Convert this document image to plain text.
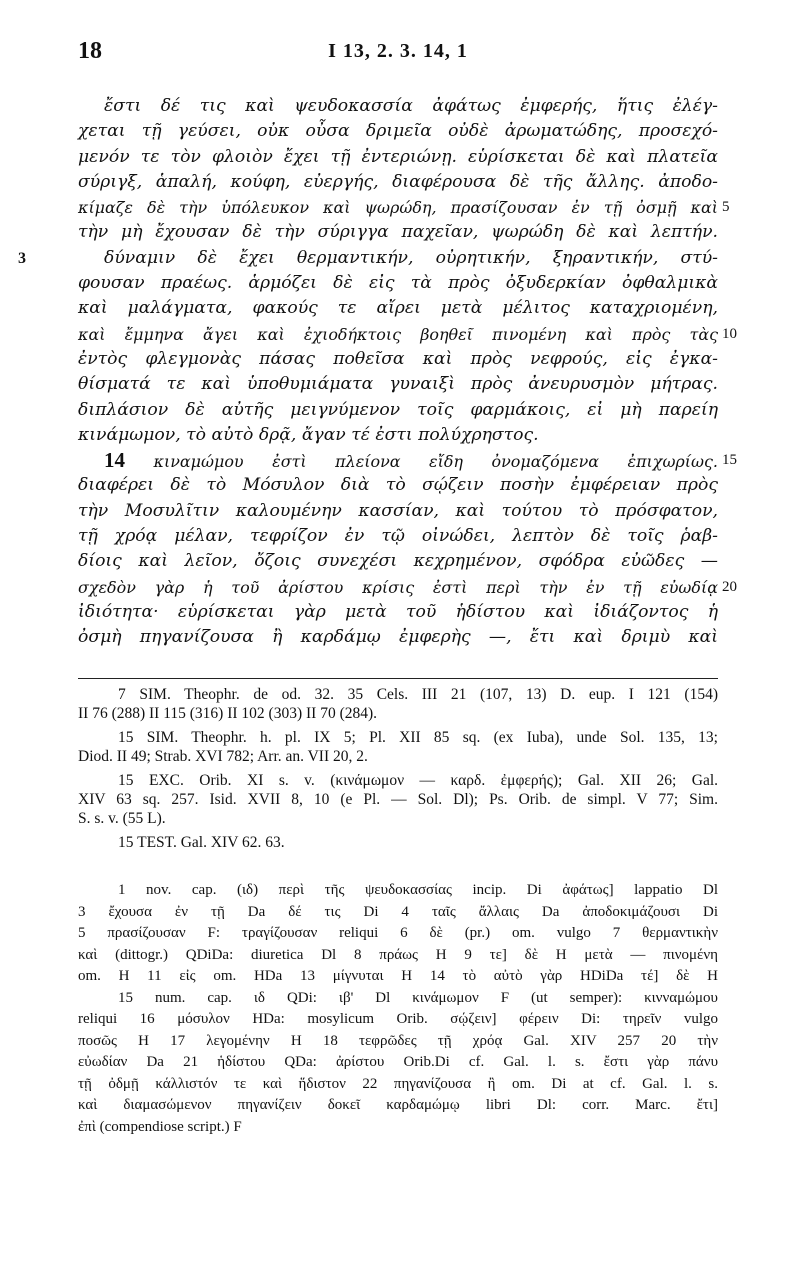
18	I 13, 2. 3. 14, 1
ἔστι δέ τις καὶ ψευδοκασσία ἀφάτως ἐμφερής, ἥτις ἐλέγ-
χεται τῇ γεύσει, οὐκ οὖσα δριμεῖα οὐδὲ ἀρωματώδης, προσεχό-
μενόν τε τὸν φλοιὸν ἔχει τῇ ἐντεριώνῃ. εὑρίσκεται δὲ καὶ πλατεῖα
σύριγξ, ἁπαλή, κούφη, εὐεργής, διαφέρουσα δὲ τῆς ἄλλης. ἀποδο-
κίμαζε δὲ τὴν ὑπόλευκον καὶ ψωρώδη, πρασίζουσαν ἐν τῇ ὀσμῇ καὶ 5
τὴν μὴ ἔχουσαν δὲ τὴν σύριγγα παχεῖαν, ψωρώδη δὲ καὶ λεπτήν.
3	δύναμιν δὲ ἔχει θερμαντικήν, οὐρητικήν, ξηραντικήν, στύ-
φουσαν πραέως. ἁρμόζει δὲ εἰς τὰ πρὸς ὀξυδερκίαν ὀφθαλμικὰ
καὶ μαλάγματα, φακούς τε αἴρει μετὰ μέλιτος καταχριομένη,
καὶ ἔμμηνα ἄγει καὶ ἐχιοδήκτοις βοηθεῖ πινομένη καὶ πρὸς τὰς 10
ἐντὸς φλεγμονὰς πάσας ποθεῖσα καὶ πρὸς νεφρούς, εἰς ἐγκα-
θίσματά τε καὶ ὑποθυμιάματα γυναιξὶ πρὸς ἀνευρυσμὸν μήτρας.
διπλάσιον δὲ αὐτῆς μειγνύμενον τοῖς φαρμάκοις, εἰ μὴ παρείη
κινάμωμον, τὸ αὐτὸ δρᾷ, ἄγαν τέ ἐστι πολύχρηστος.
14 κιναμώμου ἐστὶ πλείονα εἴδη ὀνομαζόμενα ἐπιχωρίως. 15
διαφέρει δὲ τὸ Μόσυλον διὰ τὸ σῴζειν ποσὴν ἐμφέρειαν πρὸς
τὴν Μοσυλῖτιν καλουμένην κασσίαν, καὶ τούτου τὸ πρόσφατον,
τῇ χρόᾳ μέλαν, τεφρίζον ἐν τῷ οἰνώδει, λεπτὸν δὲ τοῖς ῥαβ-
δίοις καὶ λεῖον, ὄζοις συνεχέσι κεχρημένον, σφόδρα εὐῶδες —
σχεδὸν γὰρ ἡ τοῦ ἀρίστου κρίσις ἐστὶ περὶ τὴν ἐν τῇ εὐωδίᾳ 20
ἰδιότητα· εὑρίσκεται γὰρ μετὰ τοῦ ἡδίστου καὶ ἰδιάζοντος ἡ
ὀσμὴ πηγανίζουσα ἢ καρδάμῳ ἐμφερὴς —, ἔτι καὶ δριμὺ καὶ
7 SIM. Theophr. de od. 32. 35 Cels. III 21 (107, 13) D. eup. I 121 (154)
II 76 (288) II 115 (316) II 102 (303) II 70 (284).
15 SIM. Theophr. h. pl. IX 5; Pl. XII 85 sq. (ex Iuba), unde Sol. 135, 13;
Diod. II 49; Strab. XVI 782; Arr. an. VII 20, 2.
15 EXC. Orib. XI s. v. (κινάμωμον — καρδ. ἐμφερής); Gal. XII 26; Gal.
XIV 63 sq. 257. Isid. XVII 8, 10 (e Pl. — Sol. Dl); Ps. Orib. de simpl. V 77; Sim.
S. s. v. (55 L).
15 TEST. Gal. XIV 62. 63.
1 nov. cap. (ιδ) περὶ τῆς ψευδοκασσίας incip. Di ἀφάτως] lappatio Dl
3 ἔχουσα ἐν τῇ Da δέ τις Di 4 ταῖς ἄλλαις Da ἀποδοκιμάζουσι Di
5 πρασίζουσαν F: τραγίζουσαν reliqui 6 δὲ (pr.) om. vulgo 7 θερμαντικὴν
καὶ (dittogr.) QDiDa: diuretica Dl 8 πράως H 9 τε] δὲ H μετὰ — πινομένη
om. H 11 εἰς om. HDa 13 μίγνυται H 14 τὸ αὐτὸ γὰρ HDiDa τέ] δὲ H
15 num. cap. ιδ QDi: ιβ' Dl κινάμωμον F (ut semper): κινναμώμου
reliqui 16 μόσυλον HDa: mosylicum Orib. σῴζειν] φέρειν Di: τηρεῖν vulgo
ποσῶς H 17 λεγομένην H 18 τεφρῶδες τῇ χρόᾳ Gal. XIV 257 20 τὴν
εὐωδίαν Da 21 ἡδίστου QDa: ἀρίστου Orib.Di cf. Gal. l. s. ἔστι γὰρ πάνυ
τῇ ὀδμῇ κάλλιστόν τε καὶ ἥδιστον 22 πηγανίζουσα ἢ om. Di at cf. Gal. l. s.
καὶ διαμασώμενον πηγανίζειν δοκεῖ καρδαμώμῳ libri Dl: corr. Marc. ἔτι]
ἐπὶ (compendiose script.) F
